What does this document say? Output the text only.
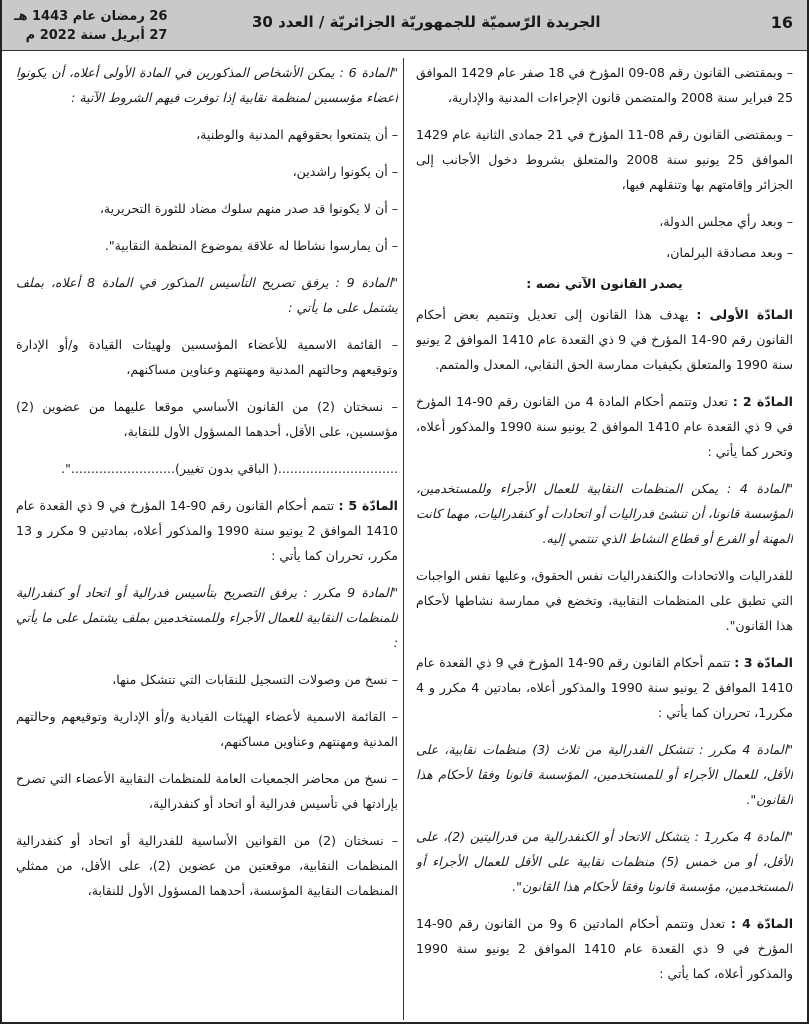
16
الجريدة الرّسميّة للجمهوريّة الجزائريّة / العدد 30
26 رمضان عام 1443 هـ
27 أبريل سنة 2022 م

– وبمقتضى القانون رقم 08-09 المؤرخ في 18 صفر عام 1429 الموافق 25 فبراير سنة 2008 والمتضمن قانون الإجراءات المدنية والإدارية،

– وبمقتضى القانون رقم 08-11 المؤرخ في 21 جمادى الثانية عام 1429 الموافق 25 يونيو سنة 2008 والمتعلق بشروط دخول الأجانب إلى الجزائر وإقامتهم بها وتنقلهم فيها،

– وبعد رأي مجلس الدولة،

– وبعد مصادقة البرلمان،

يصدر القانون الآتي نصه :

المادّة الأولى : يهدف هذا القانون إلى تعديل وتتميم بعض أحكام القانون رقم 90-14 المؤرخ في 9 ذي القعدة عام 1410 الموافق 2 يونيو سنة 1990 والمتعلق بكيفيات ممارسة الحق النقابي، المعدل والمتمم.

المادّة 2 : تعدل وتتمم أحكام المادة 4 من القانون رقم 90-14 المؤرخ في 9 ذي القعدة عام 1410 الموافق 2 يونيو سنة 1990 والمذكور أعلاه، وتحرر كما يأتي :

"المادة 4 : يمكن المنظمات النقابية للعمال الأجراء وللمستخدمين، المؤسسة قانونا، أن تنشئ فدراليات أو اتحادات أو كنفدراليات، مهما كانت المهنة أو الفرع أو قطاع النشاط الذي تنتمي إليه.

للفدراليات والاتحادات والكنفدراليات نفس الحقوق، وعليها نفس الواجبات التي تطبق على المنظمات النقابية، وتخضع في ممارسة نشاطها لأحكام هذا القانون".

المادّة 3 : تتمم أحكام القانون رقم 90-14 المؤرخ في 9 ذي القعدة عام 1410 الموافق 2 يونيو سنة 1990 والمذكور أعلاه، بمادتين 4 مكرر و 4 مكرر1، تحرران كما يأتي :

"المادة 4 مكرر : تتشكل الفدرالية من ثلاث (3) منظمات نقابية، على الأقل، للعمال الأجراء أو للمستخدمين، المؤسسة قانونا وفقا لأحكام هذا القانون".

"المادة 4 مكرر1 : يتشكل الاتحاد أو الكنفدرالية من فدراليتين (2)، على الأقل، أو من خمس (5) منظمات نقابية على الأقل للعمال الأجراء أو المستخدمين، مؤسسة قانونا وفقا لأحكام هذا القانون".

المادّة 4 : تعدل وتتمم أحكام المادتين 6 و9 من القانون رقم 90-14 المؤرخ في 9 ذي القعدة عام 1410 الموافق 2 يونيو سنة 1990 والمذكور أعلاه، كما يأتي :

"المادة 6 : يمكن الأشخاص المذكورين في المادة الأولى أعلاه، أن يكونوا أعضاء مؤسسين لمنظمة نقابية إذا توفرت فيهم الشروط الآتية :

– أن يتمتعوا بحقوقهم المدنية والوطنية،

– أن يكونوا راشدين،

– أن لا يكونوا قد صدر منهم سلوك مضاد للثورة التحريرية،

– أن يمارسوا نشاطا له علاقة بموضوع المنظمة النقابية".

"المادة 9 : يرفق تصريح التأسيس المذكور في المادة 8 أعلاه، بملف يشتمل على ما يأتي :

– القائمة الاسمية للأعضاء المؤسسين ولهيئات القيادة و/أو الإدارة وتوقيعهم وحالتهم المدنية ومهنتهم وعناوين مساكنهم،

– نسختان (2) من القانون الأساسي موقعا عليهما من عضوين (2) مؤسسين، على الأقل، أحدهما المسؤول الأول للنقابة،

..............................( الباقي بدون تغيير)..........................".

المادّة 5 : تتمم أحكام القانون رقم 90-14 المؤرخ في 9 ذي القعدة عام 1410 الموافق 2 يونيو سنة 1990 والمذكور أعلاه، بمادتين 9 مكرر و 13 مكرر، تحرران كما يأتي :

"المادة 9 مكرر : يرفق التصريح بتأسيس فدرالية أو اتحاد أو كنفدرالية للمنظمات النقابية للعمال الأجراء وللمستخدمين بملف يشتمل على ما يأتي :

– نسخ من وصولات التسجيل للنقابات التي تتشكل منها،

– القائمة الاسمية لأعضاء الهيئات القيادية و/أو الإدارية وتوقيعهم وحالتهم المدنية ومهنتهم وعناوين مساكنهم،

– نسخ من محاضر الجمعيات العامة للمنظمات النقابية الأعضاء التي تصرح بإرادتها في تأسيس فدرالية أو اتحاد أو كنفدرالية،

– نسختان (2) من القوانين الأساسية للفدرالية أو اتحاد أو كنفدرالية المنظمات النقابية، موقعتين من عضوين (2)، على الأقل، من ممثلي المنظمات النقابية المؤسسة، أحدهما المسؤول الأول للنقابة،
